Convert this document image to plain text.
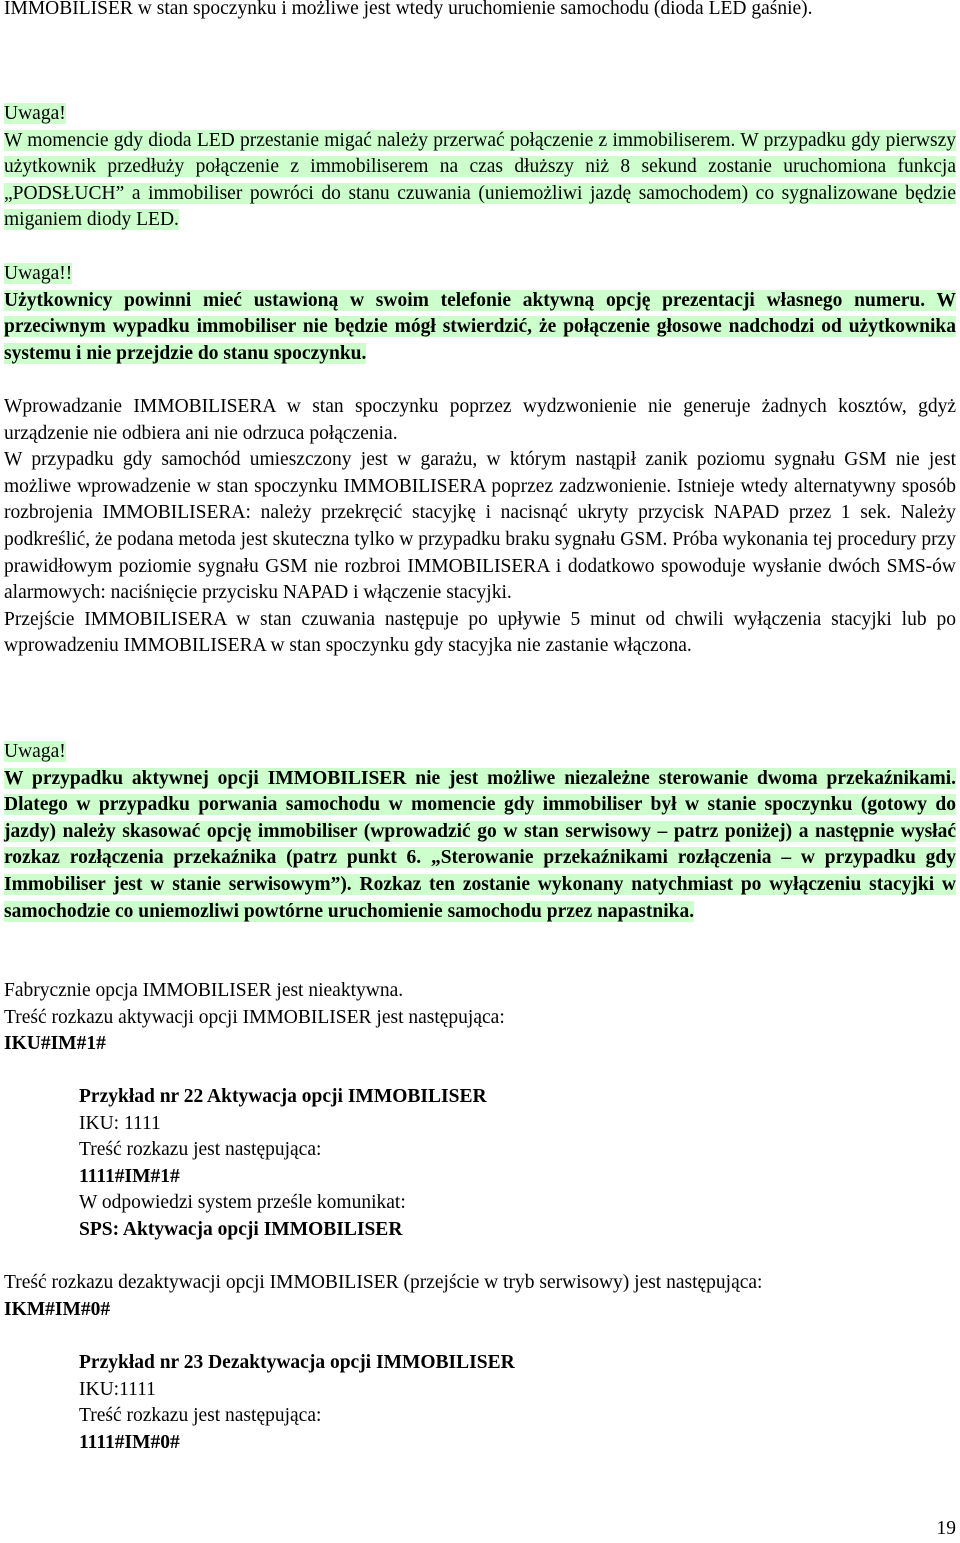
IMMOBILISER w stan spoczynku i możliwe jest wtedy uruchomienie samochodu (dioda LED gaśnie).

Uwaga!

W momencie gdy dioda LED przestanie migać należy przerwać połączenie z immobiliserem. W przypadku gdy pierwszy użytkownik przedłuży połączenie z immobiliserem na czas dłuższy niż 8 sekund zostanie uruchomiona funkcja „PODSŁUCH” a immobiliser powróci do stanu czuwania (uniemożliwi jazdę samochodem) co sygnalizowane będzie miganiem diody LED.

Uwaga!!

Użytkownicy powinni mieć ustawioną w swoim telefonie aktywną opcję prezentacji własnego numeru. W przeciwnym wypadku immobiliser nie będzie mógł stwierdzić, że połączenie głosowe nadchodzi od użytkownika systemu i nie przejdzie do stanu spoczynku.

Wprowadzanie IMMOBILISERA w stan spoczynku poprzez wydzwonienie nie generuje żadnych kosztów, gdyż urządzenie nie odbiera ani nie odrzuca połączenia.

W przypadku gdy samochód umieszczony jest w garażu, w którym nastąpił zanik poziomu sygnału GSM nie jest możliwe wprowadzenie w stan spoczynku IMMOBILISERA poprzez zadzwonienie. Istnieje wtedy alternatywny sposób rozbrojenia IMMOBILISERA: należy przekręcić stacyjkę i nacisnąć ukryty przycisk NAPAD przez 1 sek. Należy podkreślić, że podana metoda jest skuteczna tylko w przypadku braku sygnału GSM. Próba wykonania tej procedury przy prawidłowym poziomie sygnału GSM nie rozbroi IMMOBILISERA i dodatkowo spowoduje wysłanie dwóch SMS-ów alarmowych: naciśnięcie przycisku NAPAD i włączenie stacyjki.

Przejście IMMOBILISERA w stan czuwania następuje po upływie 5 minut od chwili wyłączenia stacyjki lub po wprowadzeniu IMMOBILISERA w stan spoczynku gdy stacyjka nie zastanie włączona.

Uwaga!

W przypadku aktywnej opcji IMMOBILISER nie jest możliwe niezależne sterowanie dwoma przekaźnikami. Dlatego w przypadku porwania samochodu w momencie gdy immobiliser był w stanie spoczynku (gotowy do jazdy) należy skasować opcję immobiliser (wprowadzić go w stan serwisowy – patrz poniżej) a następnie wysłać rozkaz rozłączenia przekaźnika (patrz punkt 6. „Sterowanie przekaźnikami rozłączenia – w przypadku gdy Immobiliser jest w stanie serwisowym”). Rozkaz ten zostanie wykonany natychmiast po wyłączeniu stacyjki w samochodzie co uniemozliwi powtórne uruchomienie samochodu przez napastnika.

Fabrycznie opcja IMMOBILISER jest nieaktywna.

Treść rozkazu aktywacji opcji IMMOBILISER jest następująca:

IKU#IM#1#

Przykład nr 22 Aktywacja opcji IMMOBILISER

IKU: 1111

Treść rozkazu jest następująca:

1111#IM#1#

W odpowiedzi system prześle komunikat:

SPS: Aktywacja opcji IMMOBILISER

Treść rozkazu dezaktywacji opcji IMMOBILISER (przejście w tryb serwisowy) jest następująca:

IKM#IM#0#

Przykład nr 23 Dezaktywacja opcji IMMOBILISER

IKU:1111

Treść rozkazu jest następująca:

1111#IM#0#

19
